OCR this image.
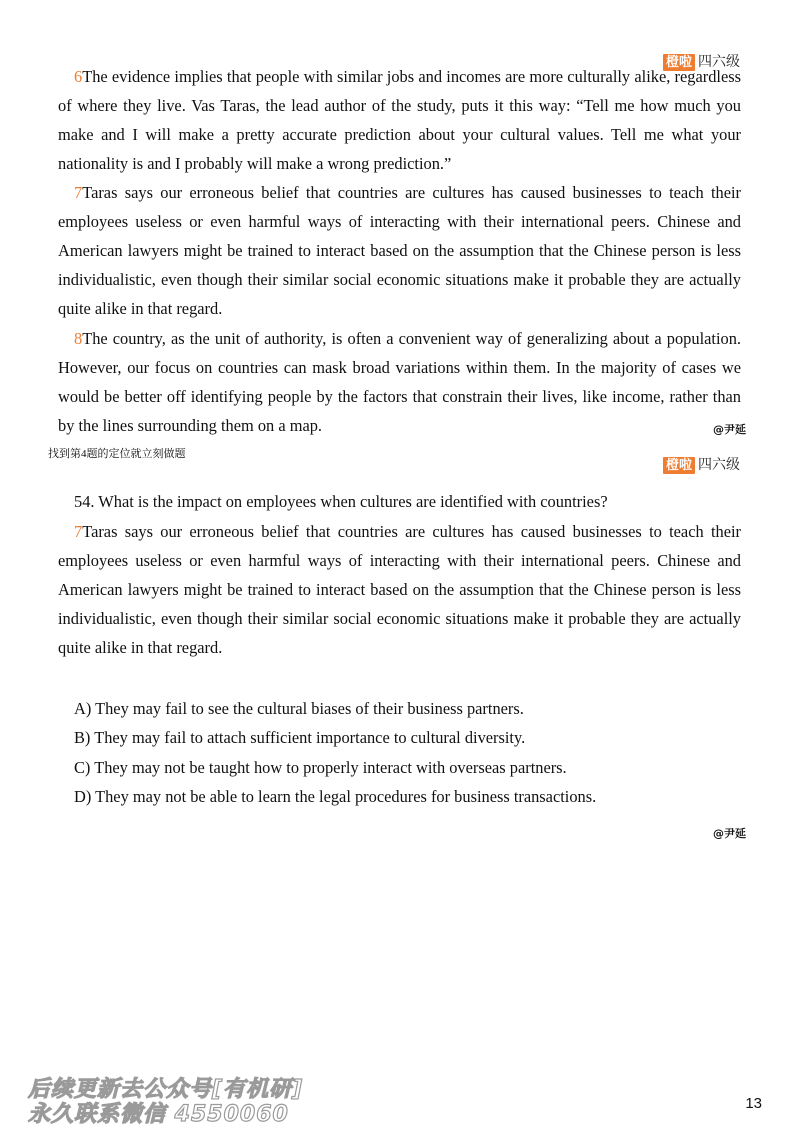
橙啦 四六级

6The evidence implies that people with similar jobs and incomes are more culturally alike, regardless of where they live. Vas Taras, the lead author of the study, puts it this way: “Tell me how much you make and I will make a pretty accurate prediction about your cultural values. Tell me what your nationality is and I probably will make a wrong prediction.”

7Taras says our erroneous belief that countries are cultures has caused businesses to teach their employees useless or even harmful ways of interacting with their international peers. Chinese and American lawyers might be trained to interact based on the assumption that the Chinese person is less individualistic, even though their similar social economic situations make it probable they are actually quite alike in that regard.

8The country, as the unit of authority, is often a convenient way of generalizing about a population. However, our focus on countries can mask broad variations within them. In the majority of cases we would be better off identifying people by the factors that constrain their lives, like income, rather than by the lines surrounding them on a map.	@尹延
找到第4题的定位就立刻做题
橙啦 四六级

54. What is the impact on employees when cultures are identified with countries?

7Taras says our erroneous belief that countries are cultures has caused businesses to teach their employees useless or even harmful ways of interacting with their international peers. Chinese and American lawyers might be trained to interact based on the assumption that the Chinese person is less individualistic, even though their similar social economic situations make it probable they are actually quite alike in that regard.

A) They may fail to see the cultural biases of their business partners.
B) They may fail to attach sufficient importance to cultural diversity.
C) They may not be taught how to properly interact with overseas partners.
D) They may not be able to learn the legal procedures for business transactions.
@尹延
后续更新去公众号[有机研]
永久联系微信 4550060	13
